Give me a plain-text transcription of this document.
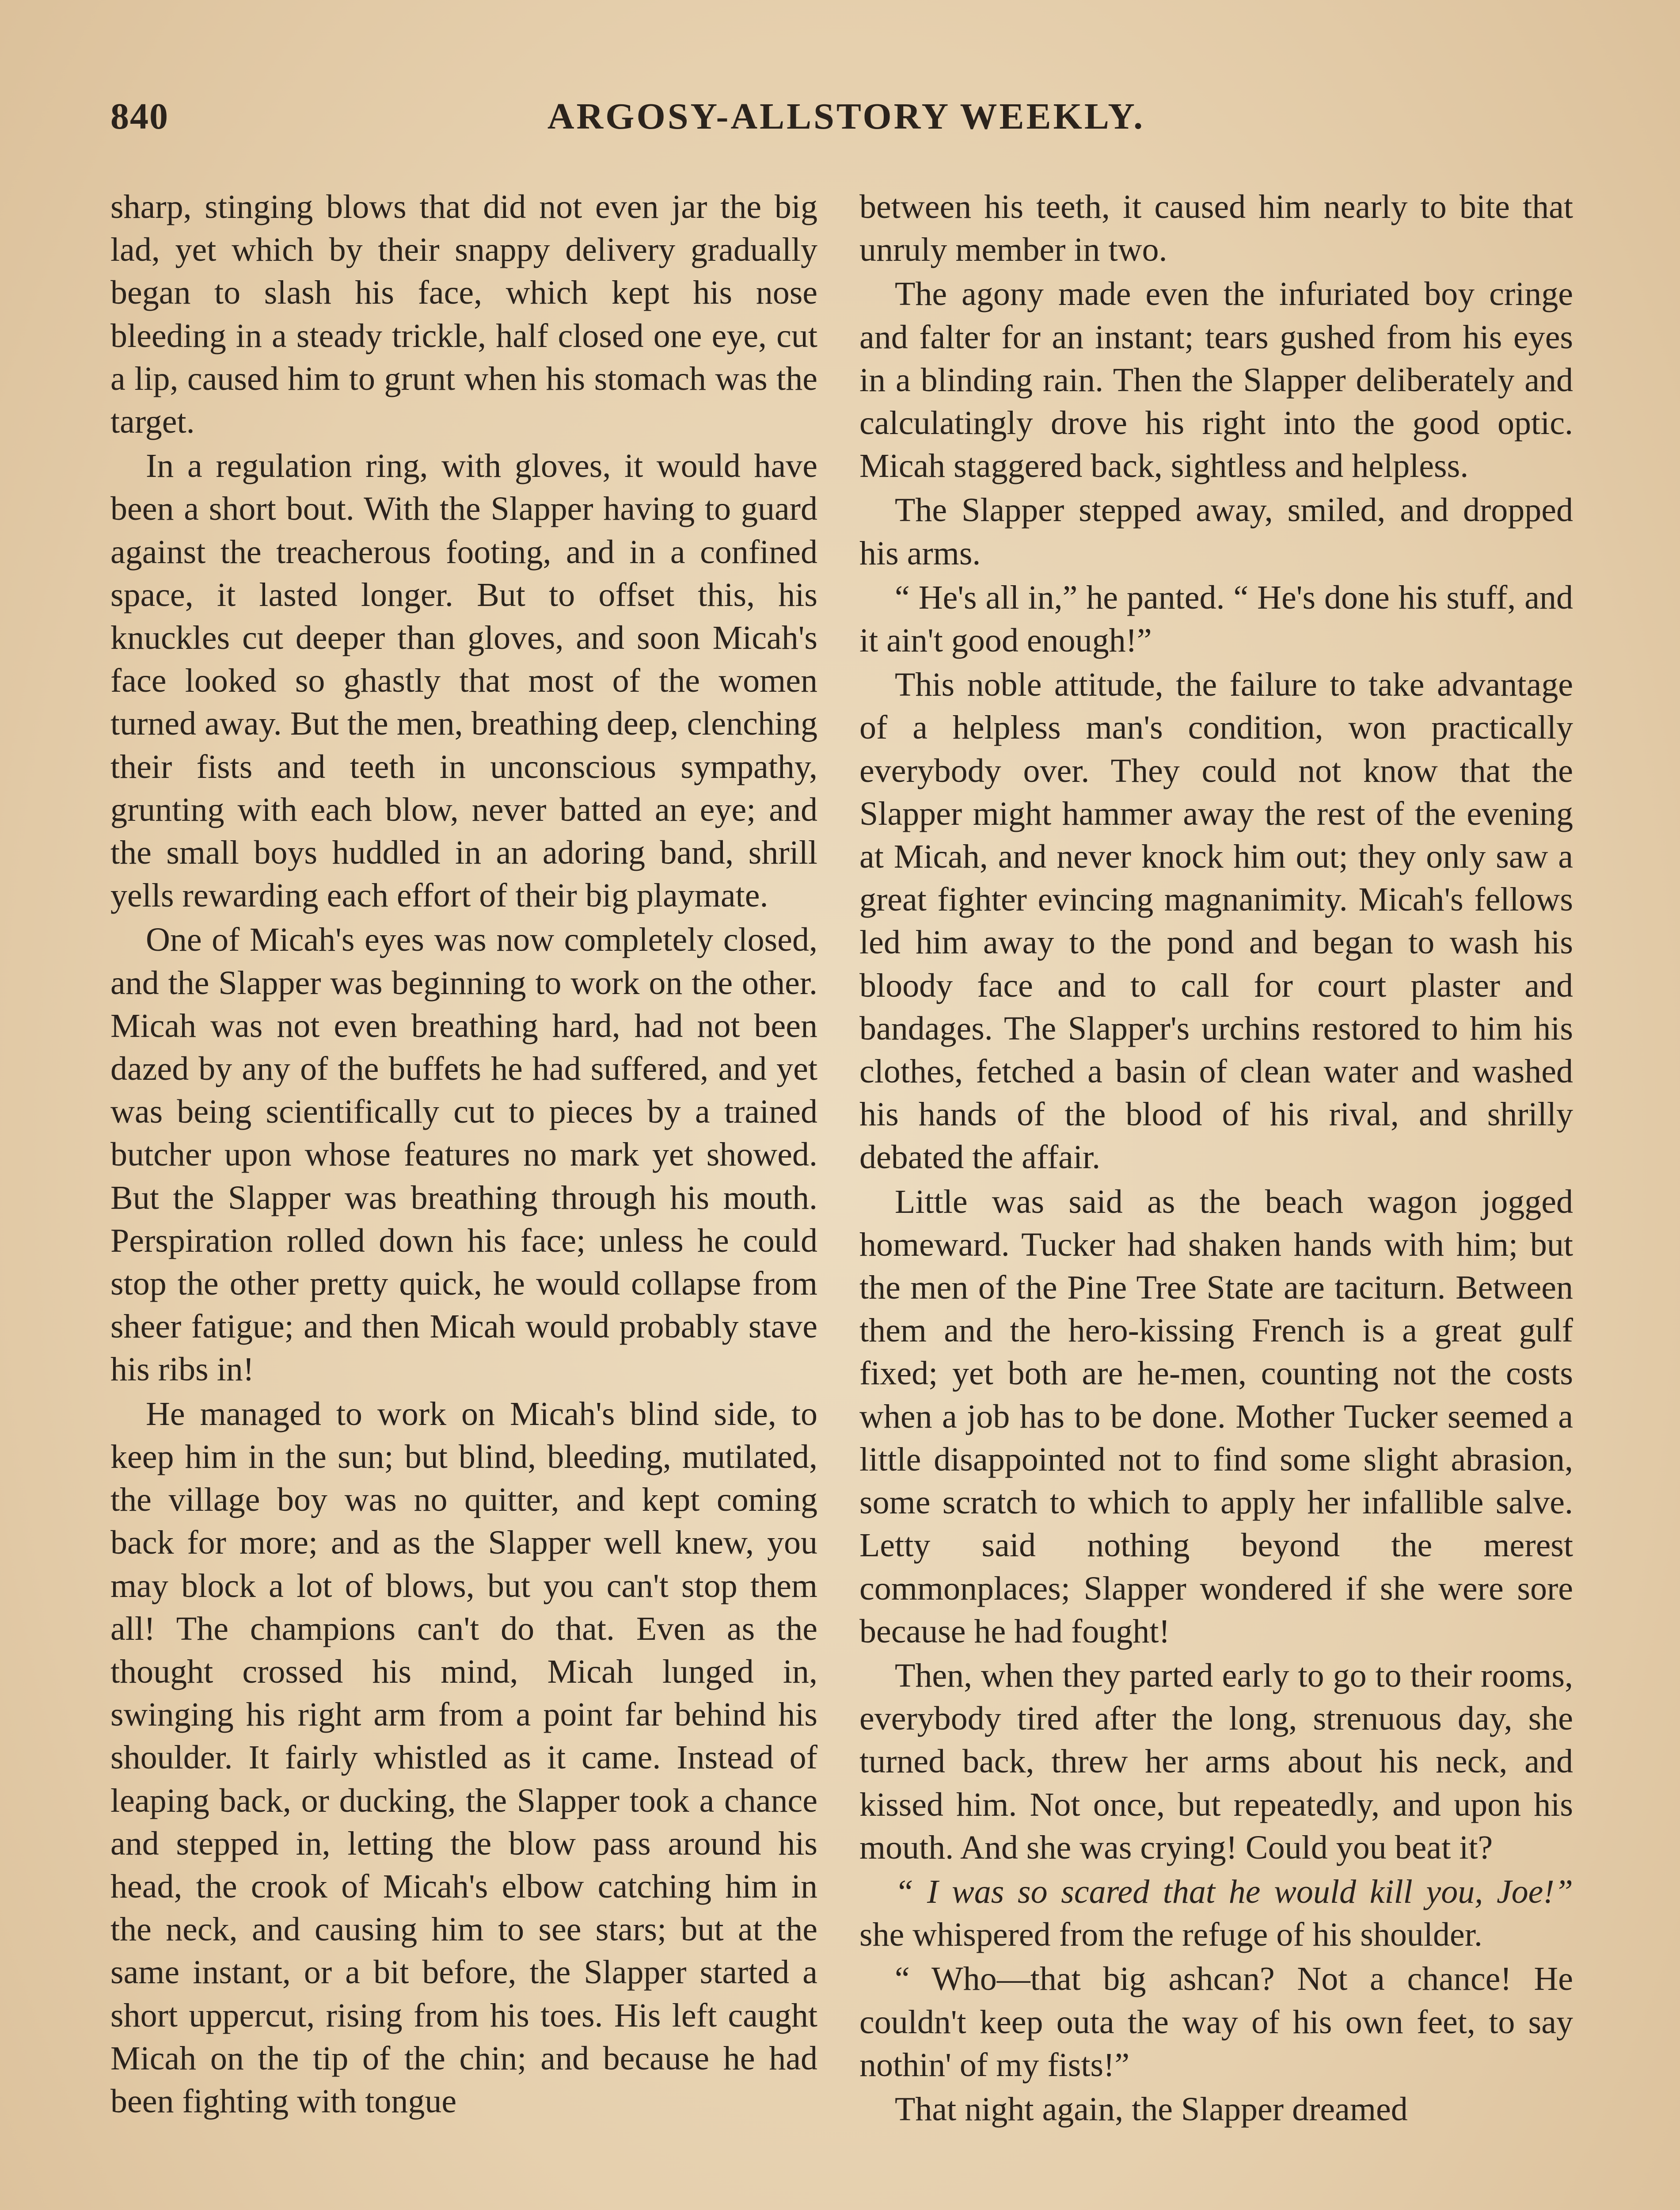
840	ARGOSY-ALLSTORY WEEKLY.

sharp, stinging blows that did not even jar the big lad, yet which by their snappy delivery gradually began to slash his face, which kept his nose bleeding in a steady trickle, half closed one eye, cut a lip, caused him to grunt when his stomach was the target.

In a regulation ring, with gloves, it would have been a short bout. With the Slapper having to guard against the treacherous footing, and in a confined space, it lasted longer. But to offset this, his knuckles cut deeper than gloves, and soon Micah's face looked so ghastly that most of the women turned away. But the men, breathing deep, clenching their fists and teeth in unconscious sympathy, grunting with each blow, never batted an eye; and the small boys huddled in an adoring band, shrill yells rewarding each effort of their big playmate.

One of Micah's eyes was now completely closed, and the Slapper was beginning to work on the other. Micah was not even breathing hard, had not been dazed by any of the buffets he had suffered, and yet was being scientifically cut to pieces by a trained butcher upon whose features no mark yet showed. But the Slapper was breathing through his mouth. Perspiration rolled down his face; unless he could stop the other pretty quick, he would collapse from sheer fatigue; and then Micah would probably stave his ribs in!

He managed to work on Micah's blind side, to keep him in the sun; but blind, bleeding, mutilated, the village boy was no quitter, and kept coming back for more; and as the Slapper well knew, you may block a lot of blows, but you can't stop them all! The champions can't do that. Even as the thought crossed his mind, Micah lunged in, swinging his right arm from a point far behind his shoulder. It fairly whistled as it came. Instead of leaping back, or ducking, the Slapper took a chance and stepped in, letting the blow pass around his head, the crook of Micah's elbow catching him in the neck, and causing him to see stars; but at the same instant, or a bit before, the Slapper started a short uppercut, rising from his toes. His left caught Micah on the tip of the chin; and because he had been fighting with tongue

between his teeth, it caused him nearly to bite that unruly member in two.

The agony made even the infuriated boy cringe and falter for an instant; tears gushed from his eyes in a blinding rain. Then the Slapper deliberately and calculatingly drove his right into the good optic. Micah staggered back, sightless and helpless.

The Slapper stepped away, smiled, and dropped his arms.

“ He's all in,” he panted. “ He's done his stuff, and it ain't good enough!”

This noble attitude, the failure to take advantage of a helpless man's condition, won practically everybody over. They could not know that the Slapper might hammer away the rest of the evening at Micah, and never knock him out; they only saw a great fighter evincing magnanimity. Micah's fellows led him away to the pond and began to wash his bloody face and to call for court plaster and bandages. The Slapper's urchins restored to him his clothes, fetched a basin of clean water and washed his hands of the blood of his rival, and shrilly debated the affair.

Little was said as the beach wagon jogged homeward. Tucker had shaken hands with him; but the men of the Pine Tree State are taciturn. Between them and the hero-kissing French is a great gulf fixed; yet both are he-men, counting not the costs when a job has to be done. Mother Tucker seemed a little disappointed not to find some slight abrasion, some scratch to which to apply her infallible salve. Letty said nothing beyond the merest commonplaces; Slapper wondered if she were sore because he had fought!

Then, when they parted early to go to their rooms, everybody tired after the long, strenuous day, she turned back, threw her arms about his neck, and kissed him. Not once, but repeatedly, and upon his mouth. And she was crying! Could you beat it?

“ I was so scared that he would kill you, Joe!” she whispered from the refuge of his shoulder.

“ Who—that big ashcan? Not a chance! He couldn't keep outa the way of his own feet, to say nothin' of my fists!”

That night again, the Slapper dreamed
